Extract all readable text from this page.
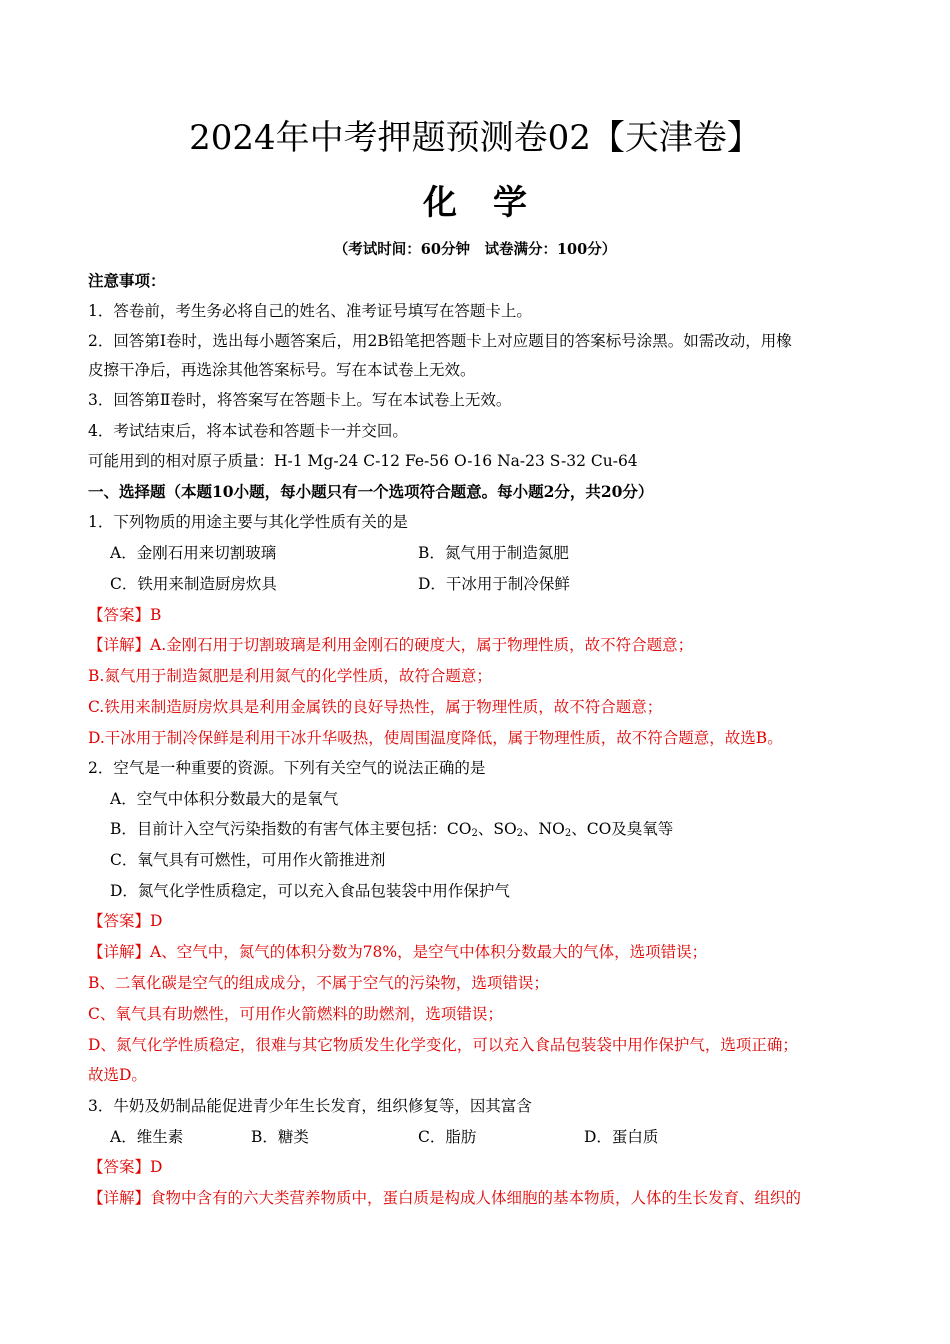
2024年中考押题预测卷02【天津卷】
化学
（考试时间：60分钟　试卷满分：100分）
注意事项：
1．答卷前，考生务必将自己的姓名、准考证号填写在答题卡上。
2．回答第Ⅰ卷时，选出每小题答案后，用2B铅笔把答题卡上对应题目的答案标号涂黑。如需改动，用橡
皮擦干净后，再选涂其他答案标号。写在本试卷上无效。
3．回答第Ⅱ卷时，将答案写在答题卡上。写在本试卷上无效。
4．考试结束后，将本试卷和答题卡一并交回。
可能用到的相对原子质量：H-1 Mg-24 C-12 Fe-56 O-16 Na-23 S-32 Cu-64
一、选择题（本题10小题，每小题只有一个选项符合题意。每小题2分，共20分）
1．下列物质的用途主要与其化学性质有关的是
A．金刚石用来切割玻璃	B．氮气用于制造氮肥
C．铁用来制造厨房炊具	D．干冰用于制冷保鲜
【答案】B
【详解】A.金刚石用于切割玻璃是利用金刚石的硬度大，属于物理性质，故不符合题意；
B.氮气用于制造氮肥是利用氮气的化学性质，故符合题意；
C.铁用来制造厨房炊具是利用金属铁的良好导热性，属于物理性质，故不符合题意；
D.干冰用于制冷保鲜是利用干冰升华吸热，使周围温度降低，属于物理性质，故不符合题意，故选B。
2．空气是一种重要的资源。下列有关空气的说法正确的是
A．空气中体积分数最大的是氧气
B．目前计入空气污染指数的有害气体主要包括：$CO_2$、$SO_2$、$NO_2$、CO及臭氧等
C．氧气具有可燃性，可用作火箭推进剂
D．氮气化学性质稳定，可以充入食品包装袋中用作保护气
【答案】D
【详解】A、空气中，氮气的体积分数为78%，是空气中体积分数最大的气体，选项错误；
B、二氧化碳是空气的组成成分，不属于空气的污染物，选项错误；
C、氧气具有助燃性，可用作火箭燃料的助燃剂，选项错误；
D、氮气化学性质稳定，很难与其它物质发生化学变化，可以充入食品包装袋中用作保护气，选项正确；
故选D。
3．牛奶及奶制品能促进青少年生长发育，组织修复等，因其富含
A．维生素	B．糖类	C．脂肪	D．蛋白质
【答案】D
【详解】食物中含有的六大类营养物质中，蛋白质是构成人体细胞的基本物质，人体的生长发育、组织的
